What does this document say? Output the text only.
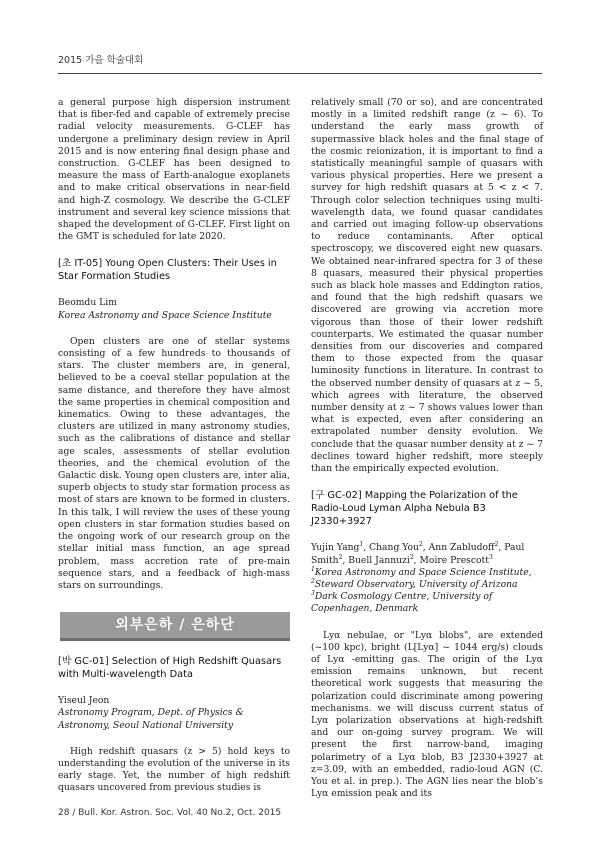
2015 가을 학술대회

a general purpose high dispersion instrument that is fiber-fed and capable of extremely precise radial velocity measurements. G-CLEF has undergone a preliminary design review in April 2015 and is now entering final design phase and construction. G-CLEF has been designed to measure the mass of Earth-analogue exoplanets and to make critical observations in near-field and high-Z cosmology. We describe the G-CLEF instrument and several key science missions that shaped the development of G-CLEF. First light on the GMT is scheduled for late 2020.

[초 IT-05] Young Open Clusters: Their Uses in Star Formation Studies

Beomdu Lim

Korea Astronomy and Space Science Institute

Open clusters are one of stellar systems consisting of a few hundreds to thousands of stars. The cluster members are, in general, believed to be a coeval stellar population at the same distance, and therefore they have almost the same properties in chemical composition and kinematics. Owing to these advantages, the clusters are utilized in many astronomy studies, such as the calibrations of distance and stellar age scales, assessments of stellar evolution theories, and the chemical evolution of the Galactic disk. Young open clusters are, inter alia, superb objects to study star formation process as most of stars are known to be formed in clusters. In this talk, I will review the uses of these young open clusters in star formation studies based on the ongoing work of our research group on the stellar initial mass function, an age spread problem, mass accretion rate of pre-main sequence stars, and a feedback of high-mass stars on surroundings.

외부은하 / 은하단

[박 GC-01] Selection of High Redshift Quasars with Multi-wavelength Data

Yiseul Jeon

Astronomy Program, Dept. of Physics &

Astronomy, Seoul National University

High redshift quasars (z > 5) hold keys to understanding the evolution of the universe in its early stage. Yet, the number of high redshift quasars uncovered from previous studies is

relatively small (70 or so), and are concentrated mostly in a limited redshift range (z ~ 6). To understand the early mass growth of supermassive black holes and the final stage of the cosmic reionization, it is important to find a statistically meaningful sample of quasars with various physical properties. Here we present a survey for high redshift quasars at 5 < z < 7. Through color selection techniques using multi-wavelength data, we found quasar candidates and carried out imaging follow-up observations to reduce contaminants. After optical spectroscopy, we discovered eight new quasars. We obtained near-infrared spectra for 3 of these 8 quasars, measured their physical properties such as black hole masses and Eddington ratios, and found that the high redshift quasars we discovered are growing via accretion more vigorous than those of their lower redshift counterparts. We estimated the quasar number densities from our discoveries and compared them to those expected from the quasar luminosity functions in literature. In contrast to the observed number density of quasars at z ~ 5, which agrees with literature, the observed number density at z ~ 7 shows values lower than what is expected, even after considering an extrapolated number density evolution. We conclude that the quasar number density at z ~ 7 declines toward higher redshift, more steeply than the empirically expected evolution.

[구 GC-02] Mapping the Polarization of the Radio-Loud Lyman Alpha Nebula B3 J2330+3927

Yujin Yang$^1$, Chang You$^2$, Ann Zabludoff$^2$, Paul Smith$^2$, Buell Jannuzi$^2$, Moire Prescott$^3$

$^1$Korea Astronomy and Space Science Institute,

$^2$Steward Observatory, University of Arizona

$^3$Dark Cosmology Centre, University of Copenhagen, Denmark

Lyα nebulae, or "Lyα blobs", are extended (~100 kpc), bright (L[Lyα] ~ 1044 erg/s) clouds of Lyα -emitting gas. The origin of the Lyα emission remains unknown, but recent theoretical work suggests that measuring the polarization could discriminate among powering mechanisms. we will discuss current status of Lyα polarization observations at high-redshift and our on-going survey program. We will present the first narrow-band, imaging polarimetry of a Lyα blob, B3 J2330+3927 at z=3.09, with an embedded, radio-loud AGN (C. You et al. in prep.). The AGN lies near the blob’s Lyα emission peak and its

28 / Bull. Kor. Astron. Soc. Vol. 40 No.2, Oct. 2015
